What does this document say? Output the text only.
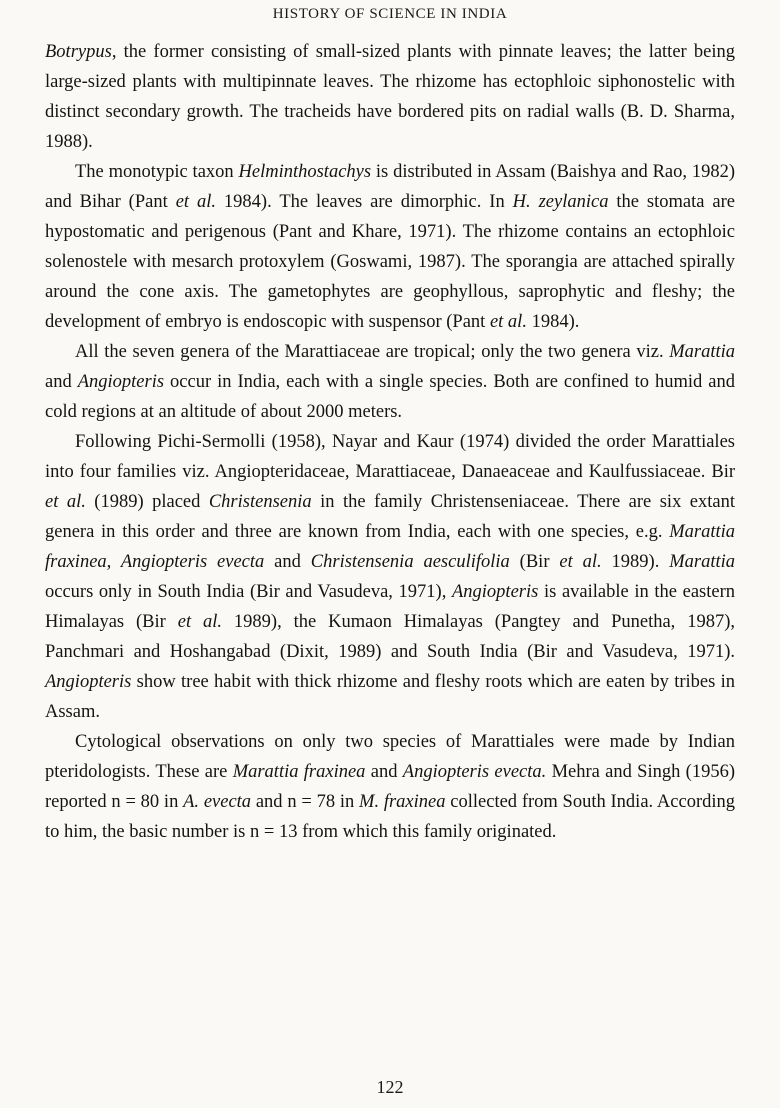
HISTORY OF SCIENCE IN INDIA

Botrypus, the former consisting of small-sized plants with pinnate leaves; the latter being large-sized plants with multipinnate leaves. The rhizome has ectophloic siphonostelic with distinct secondary growth. The tracheids have bordered pits on radial walls (B. D. Sharma, 1988).

The monotypic taxon Helminthostachys is distributed in Assam (Baishya and Rao, 1982) and Bihar (Pant et al. 1984). The leaves are dimorphic. In H. zeylanica the stomata are hypostomatic and perigenous (Pant and Khare, 1971). The rhizome contains an ectophloic solenostele with mesarch protoxylem (Goswami, 1987). The sporangia are attached spirally around the cone axis. The gametophytes are geophyllous, saprophytic and fleshy; the development of embryo is endoscopic with suspensor (Pant et al. 1984).

All the seven genera of the Marattiaceae are tropical; only the two genera viz. Marattia and Angiopteris occur in India, each with a single species. Both are confined to humid and cold regions at an altitude of about 2000 meters.

Following Pichi-Sermolli (1958), Nayar and Kaur (1974) divided the order Marattiales into four families viz. Angiopteridaceae, Marattiaceae, Danaeaceae and Kaulfussiaceae. Bir et al. (1989) placed Christensenia in the family Christenseniaceae. There are six extant genera in this order and three are known from India, each with one species, e.g. Marattia fraxinea, Angiopteris evecta and Christensenia aesculifolia (Bir et al. 1989). Marattia occurs only in South India (Bir and Vasudeva, 1971), Angiopteris is available in the eastern Himalayas (Bir et al. 1989), the Kumaon Himalayas (Pangtey and Punetha, 1987), Panchmari and Hoshangabad (Dixit, 1989) and South India (Bir and Vasudeva, 1971). Angiopteris show tree habit with thick rhizome and fleshy roots which are eaten by tribes in Assam.

Cytological observations on only two species of Marattiales were made by Indian pteridologists. These are Marattia fraxinea and Angiopteris evecta. Mehra and Singh (1956) reported n = 80 in A. evecta and n = 78 in M. fraxinea collected from South India. According to him, the basic number is n = 13 from which this family originated.

122
